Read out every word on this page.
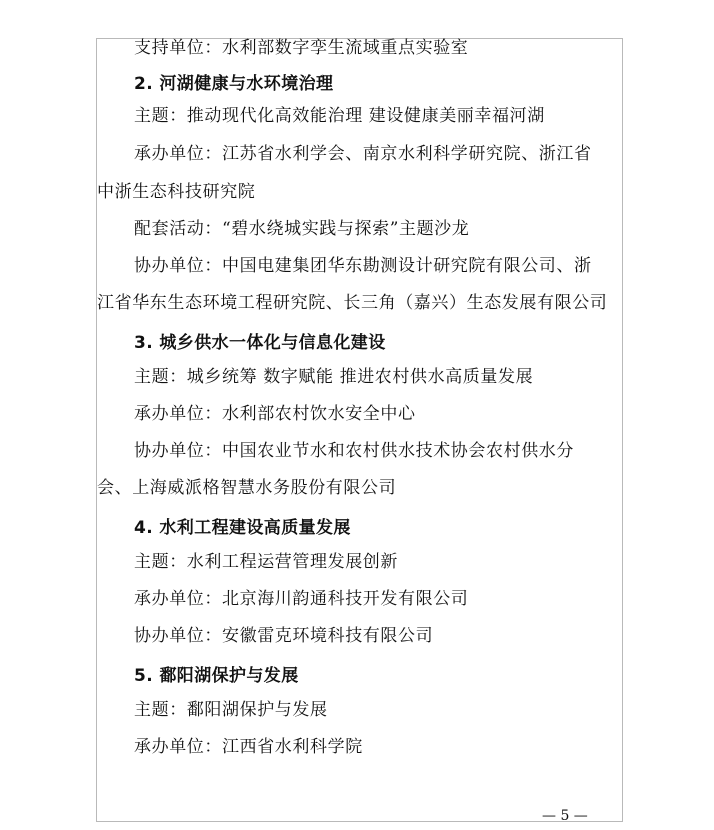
支持单位：水利部数字孪生流域重点实验室
2. 河湖健康与水环境治理
主题：推动现代化高效能治理 建设健康美丽幸福河湖
承办单位：江苏省水利学会、南京水利科学研究院、浙江省
中浙生态科技研究院
配套活动：“碧水绕城实践与探索”主题沙龙
协办单位：中国电建集团华东勘测设计研究院有限公司、浙
江省华东生态环境工程研究院、长三角（嘉兴）生态发展有限公司
3. 城乡供水一体化与信息化建设
主题：城乡统筹 数字赋能 推进农村供水高质量发展
承办单位：水利部农村饮水安全中心
协办单位：中国农业节水和农村供水技术协会农村供水分
会、上海威派格智慧水务股份有限公司
4. 水利工程建设高质量发展
主题：水利工程运营管理发展创新
承办单位：北京海川韵通科技开发有限公司
协办单位：安徽雷克环境科技有限公司
5. 鄱阳湖保护与发展
主题：鄱阳湖保护与发展
承办单位：江西省水利科学院
— 5 —
